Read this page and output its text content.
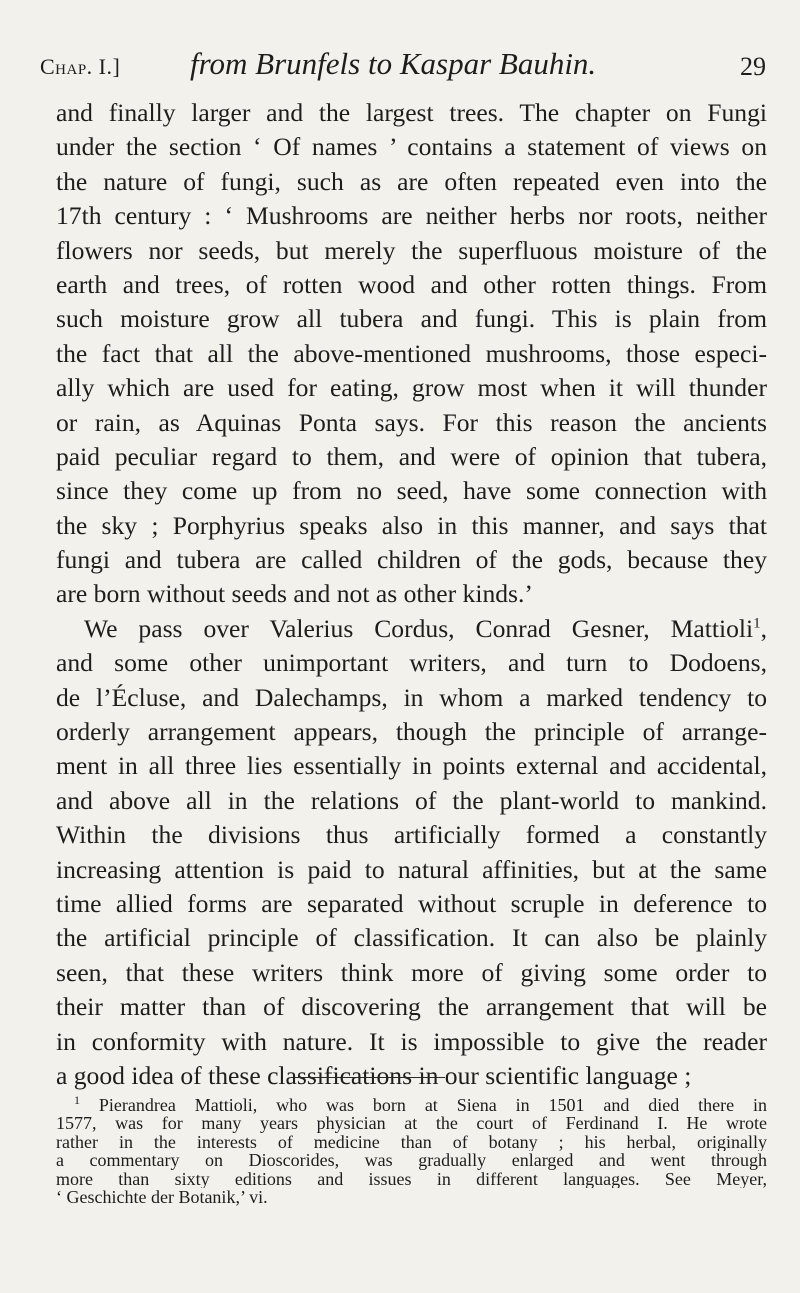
Chap. I.] from Brunfels to Kaspar Bauhin.	29
and finally larger and the largest trees. The chapter on Fungi
under the section ‘ Of names ’ contains a statement of views on
the nature of fungi, such as are often repeated even into the
17th century : ‘ Mushrooms are neither herbs nor roots, neither
flowers nor seeds, but merely the superfluous moisture of the
earth and trees, of rotten wood and other rotten things. From
such moisture grow all tubera and fungi. This is plain from
the fact that all the above-mentioned mushrooms, those especi-
ally which are used for eating, grow most when it will thunder
or rain, as Aquinas Ponta says. For this reason the ancients
paid peculiar regard to them, and were of opinion that tubera,
since they come up from no seed, have some connection with
the sky ; Porphyrius speaks also in this manner, and says that
fungi and tubera are called children of the gods, because they
are born without seeds and not as other kinds.’
We pass over Valerius Cordus, Conrad Gesner, Mattioli$^1$,
and some other unimportant writers, and turn to Dodoens,
de l’Écluse, and Dalechamps, in whom a marked tendency to
orderly arrangement appears, though the principle of arrange-
ment in all three lies essentially in points external and accidental,
and above all in the relations of the plant-world to mankind.
Within the divisions thus artificially formed a constantly
increasing attention is paid to natural affinities, but at the same
time allied forms are separated without scruple in deference to
the artificial principle of classification. It can also be plainly
seen, that these writers think more of giving some order to
their matter than of discovering the arrangement that will be
in conformity with nature. It is impossible to give the reader
a good idea of these classifications in our scientific language ;
$^1$ Pierandrea Mattioli, who was born at Siena in 1501 and died there in
1577, was for many years physician at the court of Ferdinand I. He wrote
rather in the interests of medicine than of botany ; his herbal, originally
a commentary on Dioscorides, was gradually enlarged and went through
more than sixty editions and issues in different languages. See Meyer,
‘ Geschichte der Botanik,’ vi.
